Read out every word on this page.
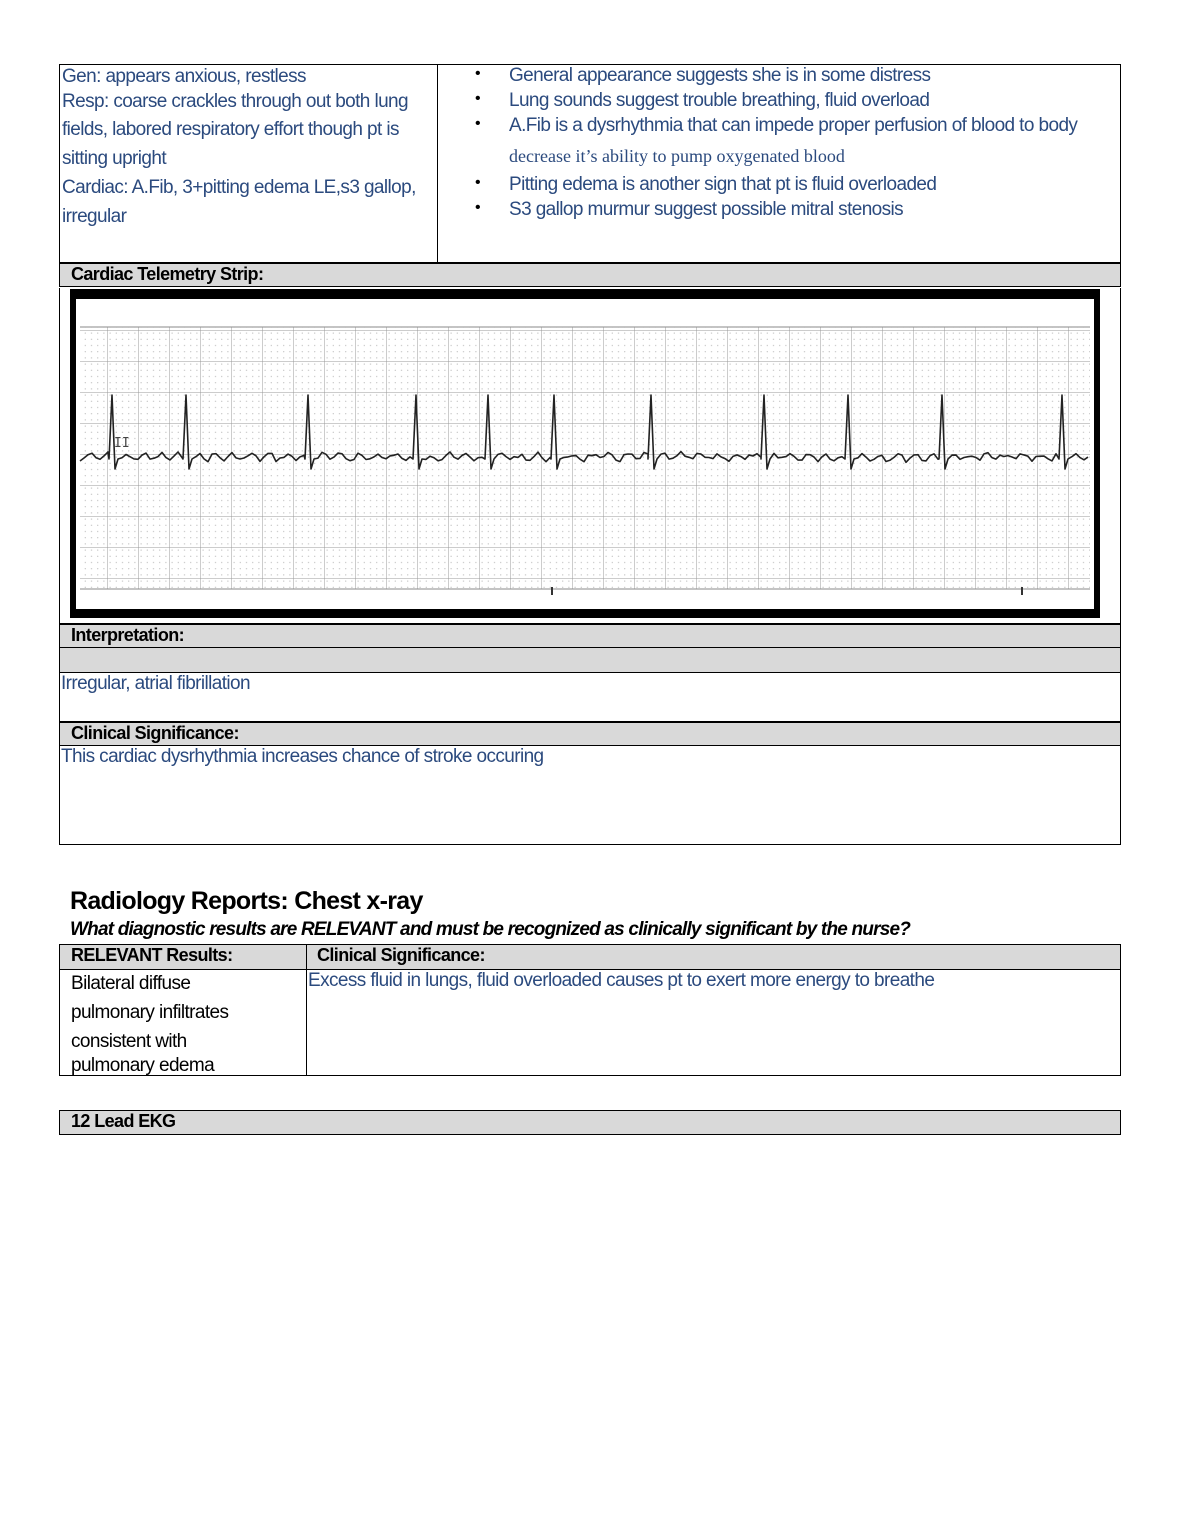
Gen: appears anxious, restless
Resp: coarse crackles through out both lung
fields, labored respiratory effort though pt is
sitting upright
Cardiac: A.Fib, 3+pitting edema LE,s3 gallop,
irregular
• General appearance suggests she is in some distress
• Lung sounds suggest trouble breathing, fluid overload
• A.Fib is a dysrhythmia that can impede proper perfusion of blood to body
decrease it’s ability to pump oxygenated blood
• Pitting edema is another sign that pt is fluid overloaded
• S3 gallop murmur suggest possible mitral stenosis
Cardiac Telemetry Strip:
II
Interpretation:
Irregular, atrial fibrillation
Clinical Significance:
This cardiac dysrhythmia increases chance of stroke occuring
Radiology Reports: Chest x-ray
What diagnostic results are RELEVANT and must be recognized as clinically significant by the nurse?
RELEVANT Results:	Clinical Significance:
Bilateral diffuse
pulmonary infiltrates
consistent with
pulmonary edema
Excess fluid in lungs, fluid overloaded causes pt to exert more energy to breathe
12 Lead EKG
